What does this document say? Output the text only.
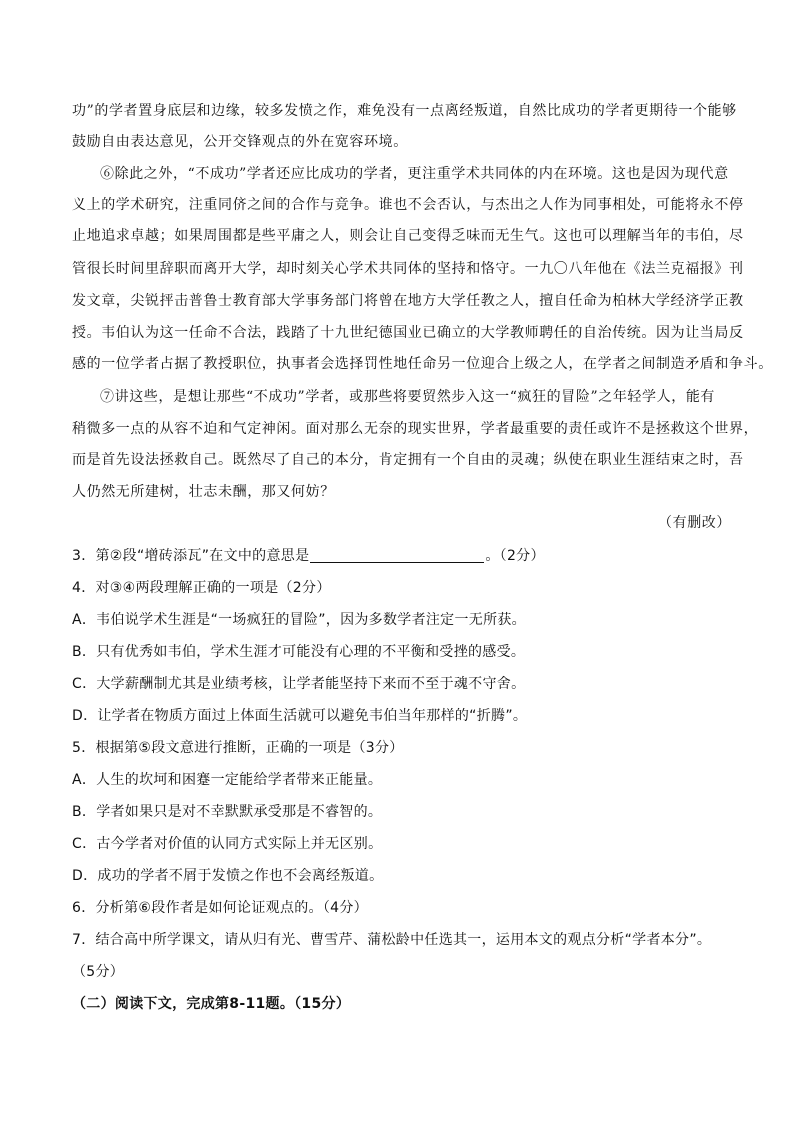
功”的学者置身底层和边缘，较多发愤之作，难免没有一点离经叛道，自然比成功的学者更期待一个能够
鼓励自由表达意见，公开交锋观点的外在宽容环境。
⑥除此之外，“不成功”学者还应比成功的学者，更注重学术共同体的内在环境。这也是因为现代意
义上的学术研究，注重同侪之间的合作与竞争。谁也不会否认，与杰出之人作为同事相处，可能将永不停
止地追求卓越；如果周围都是些平庸之人，则会让自己变得乏味而无生气。这也可以理解当年的韦伯，尽
管很长时间里辞职而离开大学，却时刻关心学术共同体的坚持和恪守。一九〇八年他在《法兰克福报》刊
发文章，尖锐抨击普鲁士教育部大学事务部门将曾在地方大学任教之人，擅自任命为柏林大学经济学正教
授。韦伯认为这一任命不合法，践踏了十九世纪德国业已确立的大学教师聘任的自治传统。因为让当局反
感的一位学者占据了教授职位，执事者会选择罚性地任命另一位迎合上级之人，在学者之间制造矛盾和争斗。
⑦讲这些，是想让那些“不成功”学者，或那些将要贸然步入这一“疯狂的冒险”之年轻学人，能有
稍微多一点的从容不迫和气定神闲。面对那么无奈的现实世界，学者最重要的责任或许不是拯救这个世界，
而是首先设法拯救自己。既然尽了自己的本分，肯定拥有一个自由的灵魂；纵使在职业生涯结束之时，吾
人仍然无所建树，壮志未酬，那又何妨？
（有删改）
3．第②段“增砖添瓦”在文中的意思是	。（2分）
4．对③④两段理解正确的一项是（2分）
A．韦伯说学术生涯是“一场疯狂的冒险”，因为多数学者注定一无所获。
B．只有优秀如韦伯，学术生涯才可能没有心理的不平衡和受挫的感受。
C．大学薪酬制尤其是业绩考核，让学者能坚持下来而不至于魂不守舍。
D．让学者在物质方面过上体面生活就可以避免韦伯当年那样的“折腾”。
5．根据第⑤段文意进行推断，正确的一项是（3分）
A．人生的坎坷和困蹇一定能给学者带来正能量。
B．学者如果只是对不幸默默承受那是不睿智的。
C．古今学者对价值的认同方式实际上并无区别。
D．成功的学者不屑于发愤之作也不会离经叛道。
6．分析第⑥段作者是如何论证观点的。（4分）
7．结合高中所学课文，请从归有光、曹雪芹、蒲松龄中任选其一，运用本文的观点分析“学者本分”。
（5分）
（二）阅读下文，完成第8-11题。（15分）
